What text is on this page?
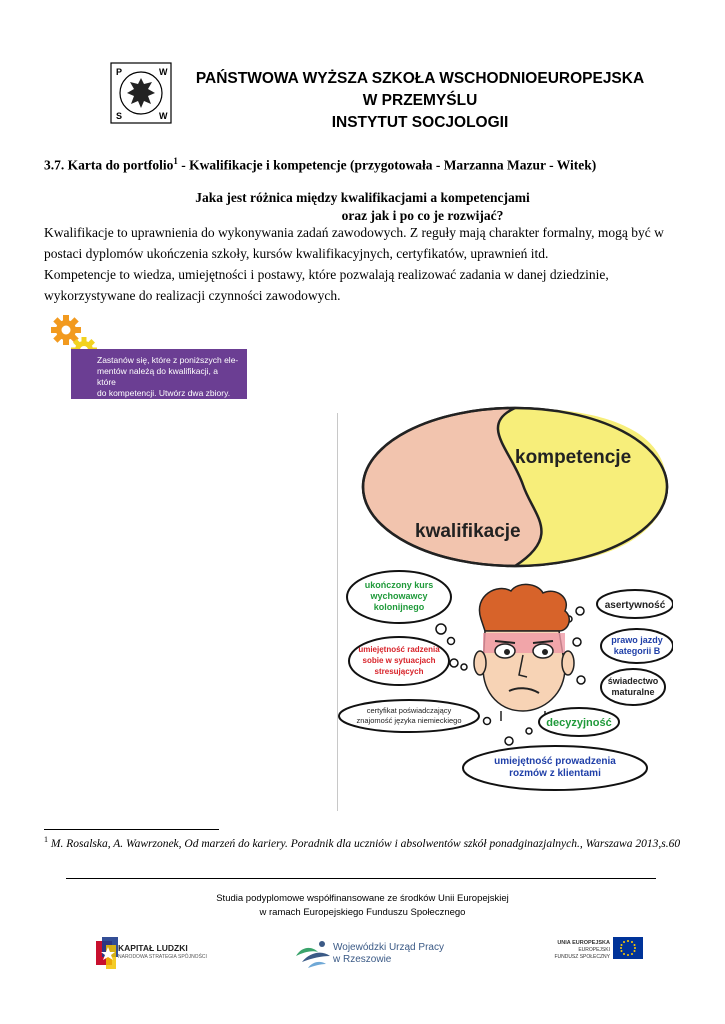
P	W
S	W
PAŃSTWOWA WYŻSZA SZKOŁA WSCHODNIOEUROPEJSKA
W PRZEMYŚLU
INSTYTUT SOCJOLOGII
3.7. Karta do portfolio$^1$ - Kwalifikacje i kompetencje (przygotowała - Marzanna Mazur - Witek)
Jaka jest różnica między kwalifikacjami a kompetencjami
oraz jak i po co je rozwijać?
Kwalifikacje to uprawnienia do wykonywania zadań zawodowych. Z reguły mają charakter formalny, mogą być w postaci dyplomów ukończenia szkoły, kursów kwalifikacyjnych, certyfikatów, uprawnień itd.
Kompetencje to wiedza, umiejętności i postawy, które pozwalają realizować zadania w danej dziedzinie, wykorzystywane do realizacji czynności zawodowych.
Zastanów się, które z poniższych ele-
mentów należą do kwalifikacji, a które
do kompetencji. Utwórz dwa zbiory.
kompetencje
kwalifikacje
ukończony kurs
wychowawcy
kolonijnego	asertywność
prawo jazdy
kategorii B
umiejętność radzenia
sobie w sytuacjach
stresujących
świadectwo
maturalne
certyfikat poświadczający
znajomość języka niemieckiego	decyzyjność
umiejętność prowadzenia
rozmów z klientami
$^1$ M. Rosalska, A. Wawrzonek, Od marzeń do kariery. Poradnik dla uczniów i absolwentów szkół ponadginazjalnych., Warszawa 2013,s.60
Studia podyplomowe współfinansowane ze środków Unii Europejskiej
w ramach Europejskiego Funduszu Społecznego
KAPITAŁ LUDZKI
NARODOWA STRATEGIA SPÓJNOŚCI
Wojewódzki Urząd Pracy
w Rzeszowie
UNIA EUROPEJSKA
EUROPEJSKI
FUNDUSZ SPOŁECZNY
